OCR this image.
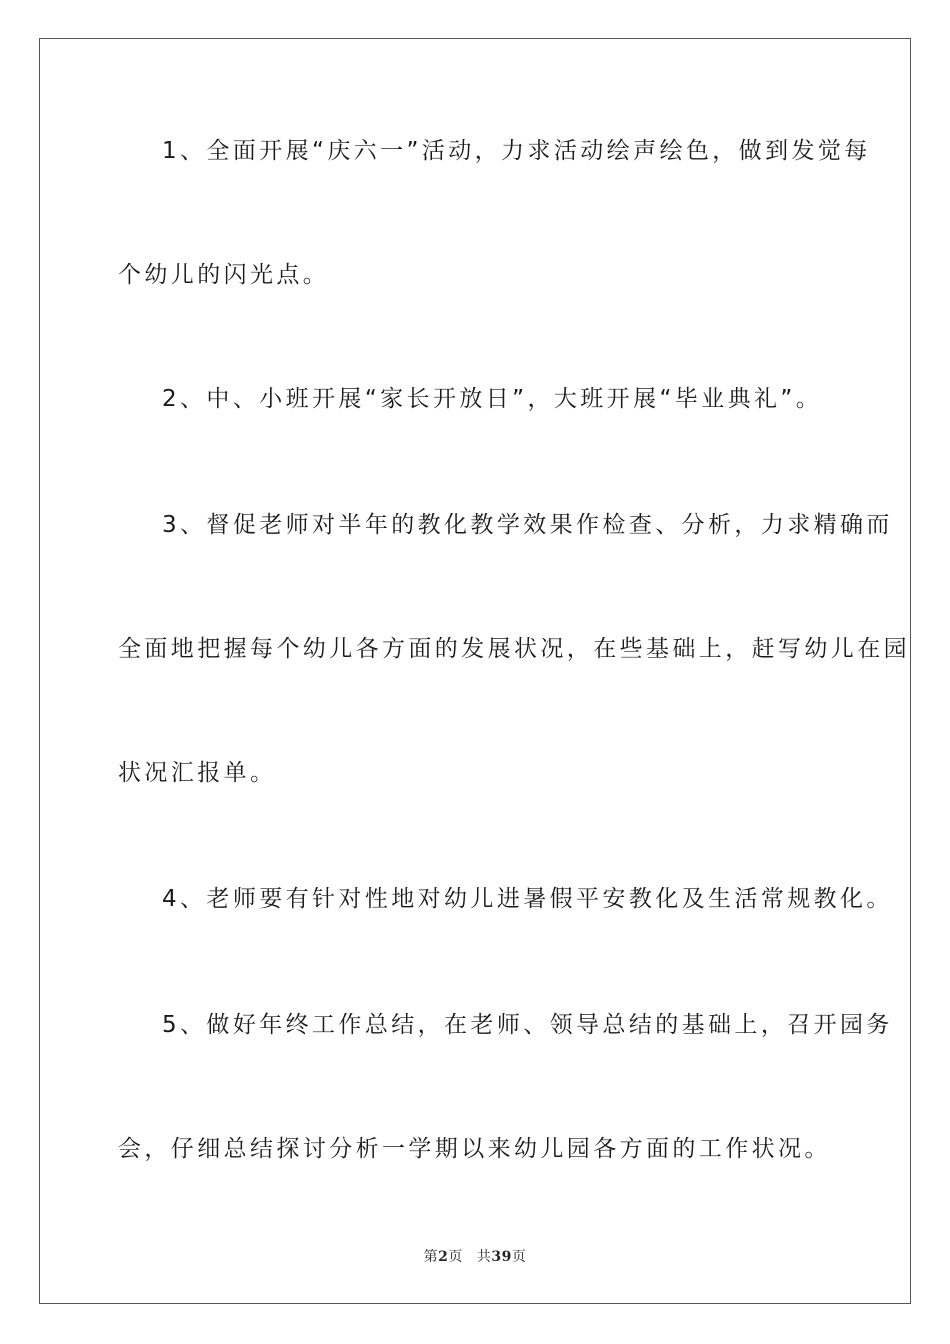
1、全面开展“庆六一”活动，力求活动绘声绘色，做到发觉每
个幼儿的闪光点。
2、中、小班开展“家长开放日”，大班开展“毕业典礼”。
3、督促老师对半年的教化教学效果作检查、分析，力求精确而
全面地把握每个幼儿各方面的发展状况，在些基础上，赶写幼儿在园
状况汇报单。
4、老师要有针对性地对幼儿进暑假平安教化及生活常规教化。
5、做好年终工作总结，在老师、领导总结的基础上，召开园务
会，仔细总结探讨分析一学期以来幼儿园各方面的工作状况。
第2页 共39页
